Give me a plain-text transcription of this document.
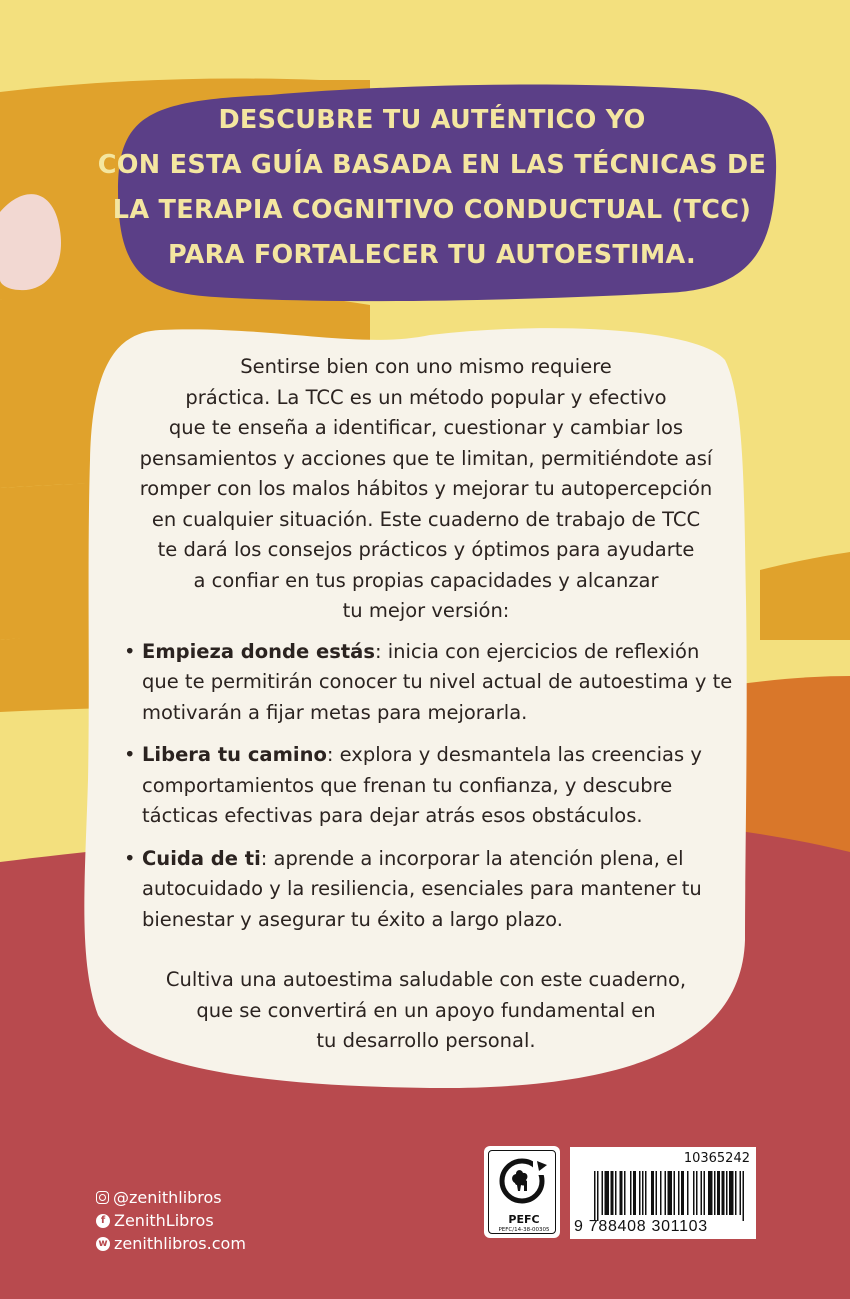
DESCUBRE TU AUTÉNTICO YO
CON ESTA GUÍA BASADA EN LAS TÉCNICAS DE
LA TERAPIA COGNITIVO CONDUCTUAL (TCC)
PARA FORTALECER TU AUTOESTIMA.

Sentirse bien con uno mismo requiere
práctica. La TCC es un método popular y efectivo
que te enseña a identificar, cuestionar y cambiar los
pensamientos y acciones que te limitan, permitiéndote así
romper con los malos hábitos y mejorar tu autopercepción
en cualquier situación. Este cuaderno de trabajo de TCC
te dará los consejos prácticos y óptimos para ayudarte
a confiar en tus propias capacidades y alcanzar
tu mejor versión:

• Empieza donde estás: inicia con ejercicios de reflexión que te permitirán conocer tu nivel actual de autoestima y te motivarán a fijar metas para mejorarla.
• Libera tu camino: explora y desmantela las creencias y comportamientos que frenan tu confianza, y descubre tácticas efectivas para dejar atrás esos obstáculos.
• Cuida de ti: aprende a incorporar la atención plena, el autocuidado y la resiliencia, esenciales para mantener tu bienestar y asegurar tu éxito a largo plazo.

Cultiva una autoestima saludable con este cuaderno,
que se convertirá en un apoyo fundamental en
tu desarrollo personal.

@zenithlibros
f ZenithLibros
w zenithlibros.com
PEFC
PEFC/14-38-00305
10365242
9 788408 301103
